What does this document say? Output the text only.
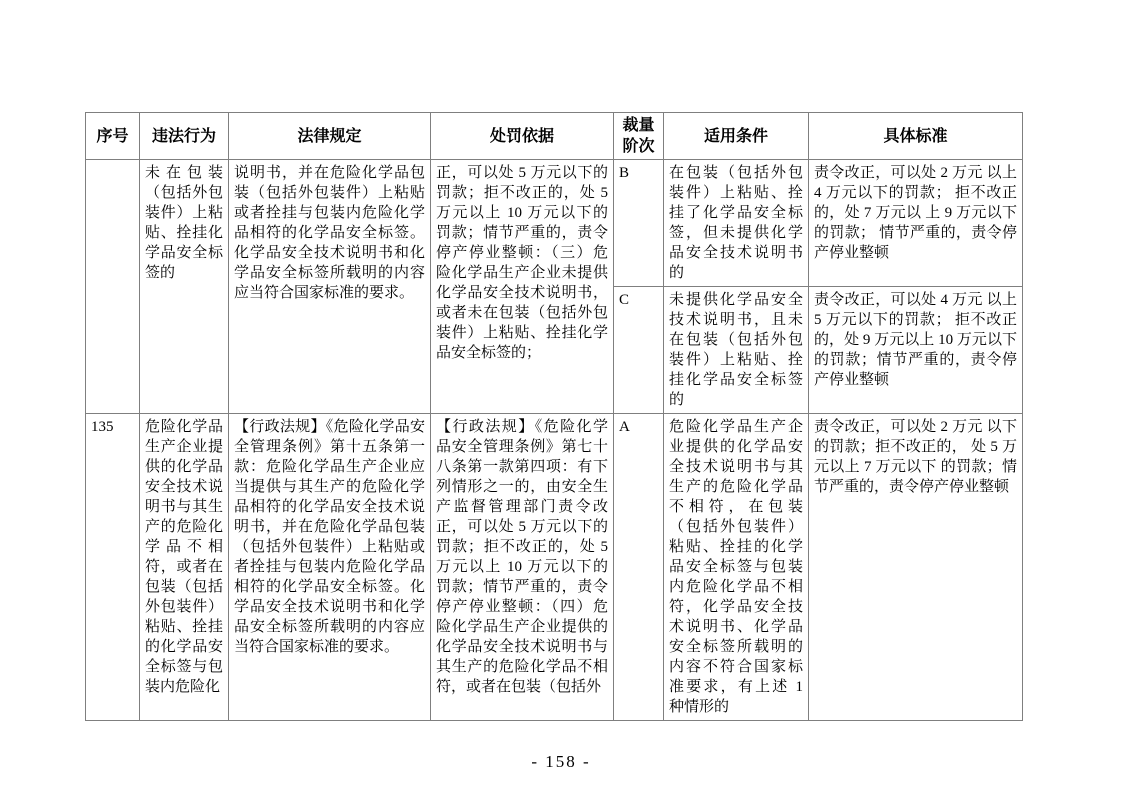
序号	违法行为	法律规定	处罚依据	裁量阶次	适用条件	具体标准
	未在包装（包括外包装件）上粘贴、拴挂化学品安全标签的	说明书，并在危险化学品包装（包括外包装件）上粘贴或者拴挂与包装内危险化学品相符的化学品安全标签。化学品安全技术说明书和化学品安全标签所载明的内容应当符合国家标准的要求。	正，可以处 5 万元以下的罚款；拒不改正的，处 5 万元以上 10 万元以下的罚款；情节严重的，责令停产停业整顿：（三）危险化学品生产企业未提供化学品安全技术说明书，或者未在包装（包括外包装件）上粘贴、拴挂化学品安全标签的；	B	在包装（包括外包装件）上粘贴、拴挂了化学品安全标签，但未提供化学品安全技术说明书的	责令改正，可以处 2 万元 以上 4 万元以下的罚款； 拒不改正的，处 7 万元以 上 9 万元以下的罚款； 情节严重的，责令停产停业整顿
				C	未提供化学品安全技术说明书，且未在包装（包括外包装件）上粘贴、拴挂化学品安全标签的	责令改正，可以处 4 万元 以上 5 万元以下的罚款； 拒不改正的，处 9 万元以上 10 万元以下的罚款；情节严重的，责令停产停业整顿
135	危险化学品生产企业提供的化学品安全技术说明书与其生产的危险化学品不相符，或者在包装（包括外包装件）粘贴、拴挂的化学品安全标签与包装内危险化	【行政法规】《危险化学品安全管理条例》第十五条第一款：危险化学品生产企业应当提供与其生产的危险化学品相符的化学品安全技术说明书，并在危险化学品包装（包括外包装件）上粘贴或者拴挂与包装内危险化学品相符的化学品安全标签。化学品安全技术说明书和化学品安全标签所载明的内容应当符合国家标准的要求。	【行政法规】《危险化学品安全管理条例》第七十八条第一款第四项：有下列情形之一的，由安全生产监督管理部门责令改正，可以处 5 万元以下的罚款；拒不改正的，处 5 万元以上 10 万元以下的罚款；情节严重的，责令停产停业整顿：（四）危险化学品生产企业提供的化学品安全技术说明书与其生产的危险化学品不相符，或者在包装（包括外	A	危险化学品生产企业提供的化学品安全技术说明书与其生产的危险化学品不相符，在包装（包括外包装件）粘贴、拴挂的化学品安全标签与包装内危险化学品不相符，化学品安全技术说明书、化学品安全标签所载明的内容不符合国家标准要求，有上述 1 种情形的	责令改正，可以处 2 万元 以下的罚款；拒不改正的， 处 5 万元以上 7 万元以下 的罚款；情节严重的，责令停产停业整顿
- 158 -
